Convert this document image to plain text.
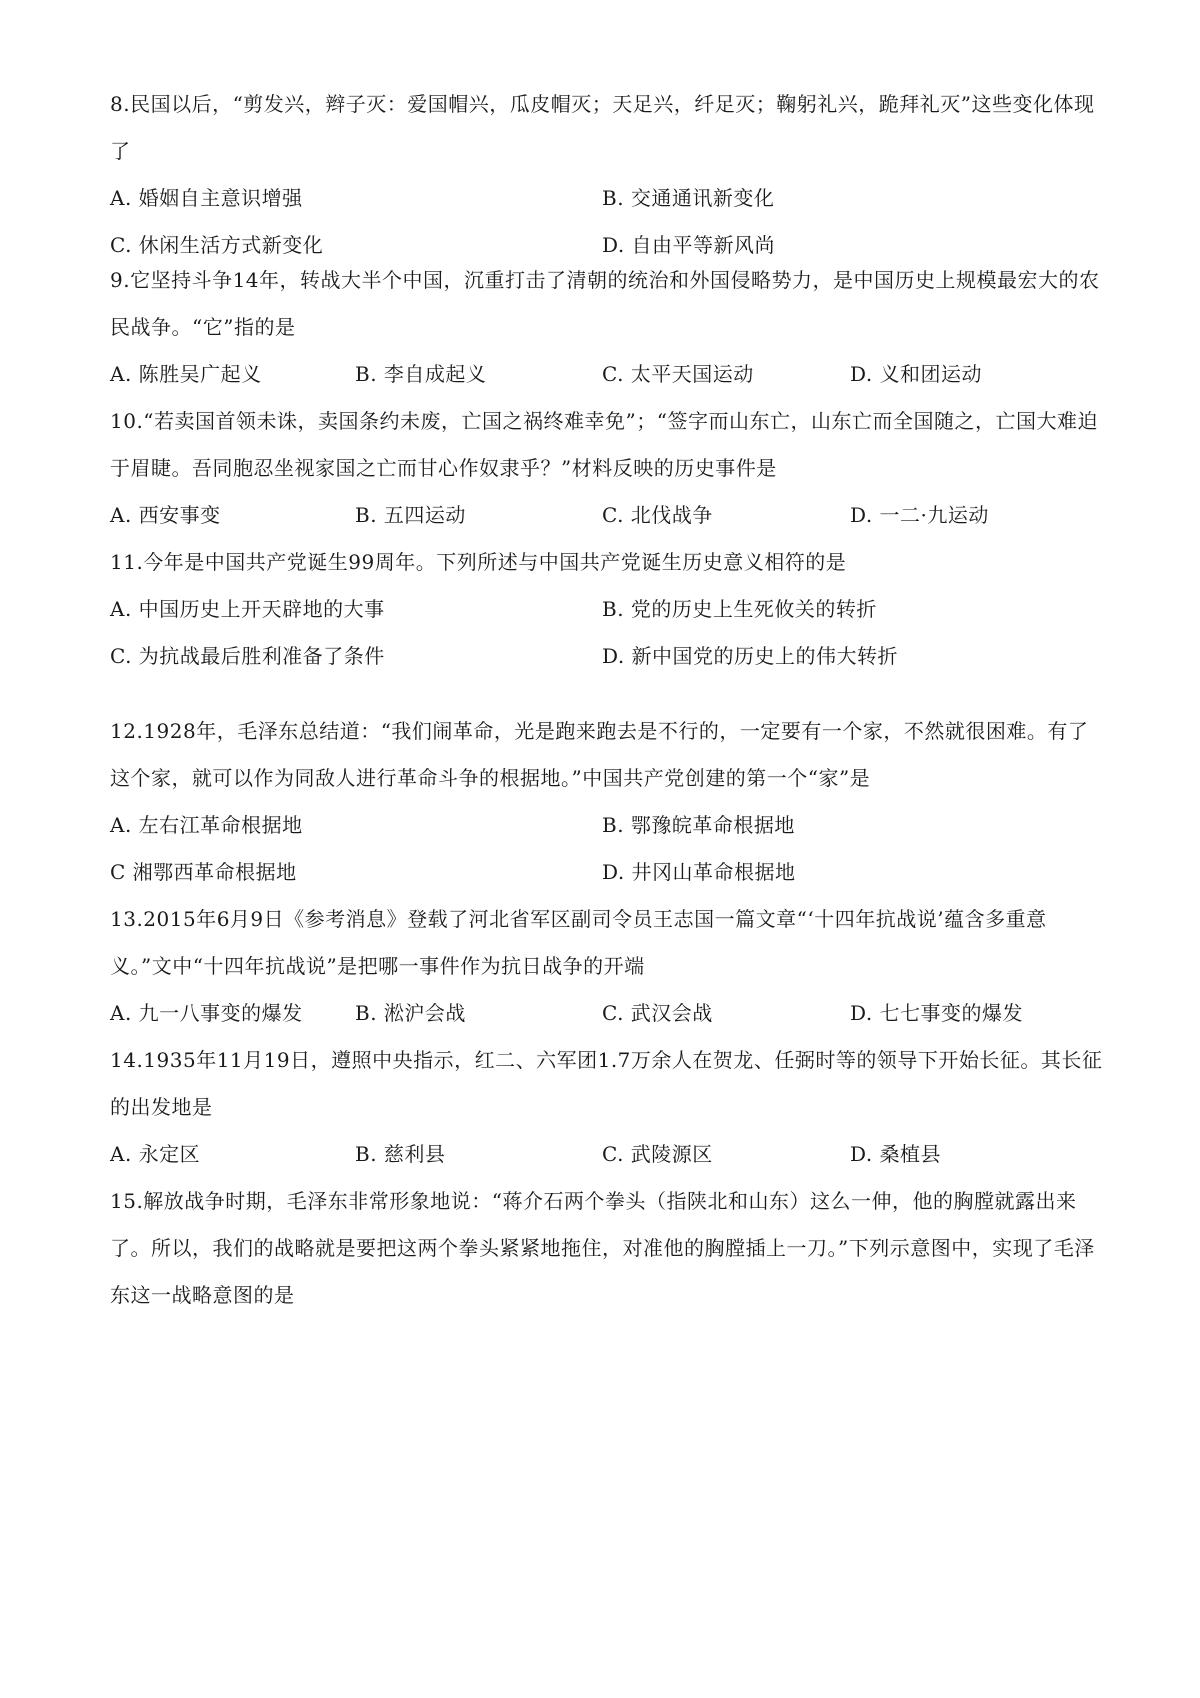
8.民国以后，“剪发兴，辫子灭：爱国帽兴，瓜皮帽灭；天足兴，纤足灭；鞠躬礼兴，跪拜礼灭”这些变化体现了

A. 婚姻自主意识增强	B. 交通通讯新变化
C. 休闲生活方式新变化	D. 自由平等新风尚

9.它坚持斗争14年，转战大半个中国，沉重打击了清朝的统治和外国侵略势力，是中国历史上规模最宏大的农民战争。“它”指的是

A. 陈胜吴广起义	B. 李自成起义	C. 太平天国运动	D. 义和团运动

10.“若卖国首领未诛，卖国条约未废，亡国之祸终难幸免”；“签字而山东亡，山东亡而全国随之，亡国大难迫于眉睫。吾同胞忍坐视家国之亡而甘心作奴隶乎？”材料反映的历史事件是

A. 西安事变	B. 五四运动	C. 北伐战争	D. 一二·九运动

11.今年是中国共产党诞生99周年。下列所述与中国共产党诞生历史意义相符的是

A. 中国历史上开天辟地的大事	B. 党的历史上生死攸关的转折
C. 为抗战最后胜利准备了条件	D. 新中国党的历史上的伟大转折

12.1928年，毛泽东总结道：“我们闹革命，光是跑来跑去是不行的，一定要有一个家，不然就很困难。有了这个家，就可以作为同敌人进行革命斗争的根据地。”中国共产党创建的第一个“家”是

A. 左右江革命根据地	B. 鄂豫皖革命根据地
C 湘鄂西革命根据地	D. 井冈山革命根据地

13.2015年6月9日《参考消息》登载了河北省军区副司令员王志国一篇文章“‘十四年抗战说’蕴含多重意义。”文中“十四年抗战说”是把哪一事件作为抗日战争的开端

A. 九一八事变的爆发	B. 淞沪会战	C. 武汉会战	D. 七七事变的爆发

14.1935年11月19日，遵照中央指示，红二、六军团1.7万余人在贺龙、任弼时等的领导下开始长征。其长征的出发地是

A. 永定区	B. 慈利县	C. 武陵源区	D. 桑植县

15.解放战争时期，毛泽东非常形象地说：“蒋介石两个拳头（指陕北和山东）这么一伸，他的胸膛就露出来了。所以，我们的战略就是要把这两个拳头紧紧地拖住，对准他的胸膛插上一刀。”下列示意图中，实现了毛泽东这一战略意图的是
